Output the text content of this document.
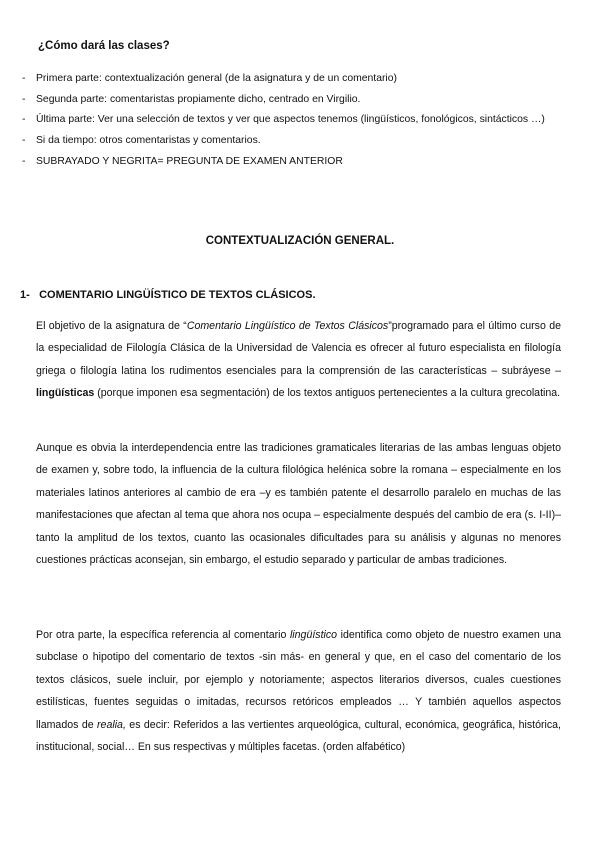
¿Cómo dará las clases?
- Primera parte: contextualización general (de la asignatura y de un comentario)
- Segunda parte: comentaristas propiamente dicho, centrado en Virgilio.
- Última parte: Ver una selección de textos y ver que aspectos tenemos (lingüísticos, fonológicos, sintácticos …)
- Si da tiempo: otros comentaristas y comentarios.
- SUBRAYADO Y NEGRITA= PREGUNTA DE EXAMEN ANTERIOR
CONTEXTUALIZACIÓN GENERAL.
1- COMENTARIO LINGÜÍSTICO DE TEXTOS CLÁSICOS.

El objetivo de la asignatura de “Comentario Lingüístico de Textos Clásicos”programado para el último curso de la especialidad de Filología Clásica de la Universidad de Valencia es ofrecer al futuro especialista en filología griega o filología latina los rudimentos esenciales para la comprensión de las características – subráyese – lingüísticas (porque imponen esa segmentación) de los textos antiguos pertenecientes a la cultura grecolatina.

Aunque es obvia la interdependencia entre las tradiciones gramaticales literarias de las ambas lenguas objeto de examen y, sobre todo, la influencia de la cultura filológica helénica sobre la romana – especialmente en los materiales latinos anteriores al cambio de era –y es también patente el desarrollo paralelo en muchas de las manifestaciones que afectan al tema que ahora nos ocupa – especialmente después del cambio de era (s. I-II)– tanto la amplitud de los textos, cuanto las ocasionales dificultades para su análisis y algunas no menores cuestiones prácticas aconsejan, sin embargo, el estudio separado y particular de ambas tradiciones.

Por otra parte, la específica referencia al comentario lingüístico identifica como objeto de nuestro examen una subclase o hipotipo del comentario de textos -sin más- en general y que, en el caso del comentario de los textos clásicos, suele incluir, por ejemplo y notoriamente; aspectos literarios diversos, cuales cuestiones estilísticas, fuentes seguidas o imitadas, recursos retóricos empleados … Y también aquellos aspectos llamados de realia, es decir: Referidos a las vertientes arqueológica, cultural, económica, geográfica, histórica, institucional, social… En sus respectivas y múltiples facetas. (orden alfabético)
